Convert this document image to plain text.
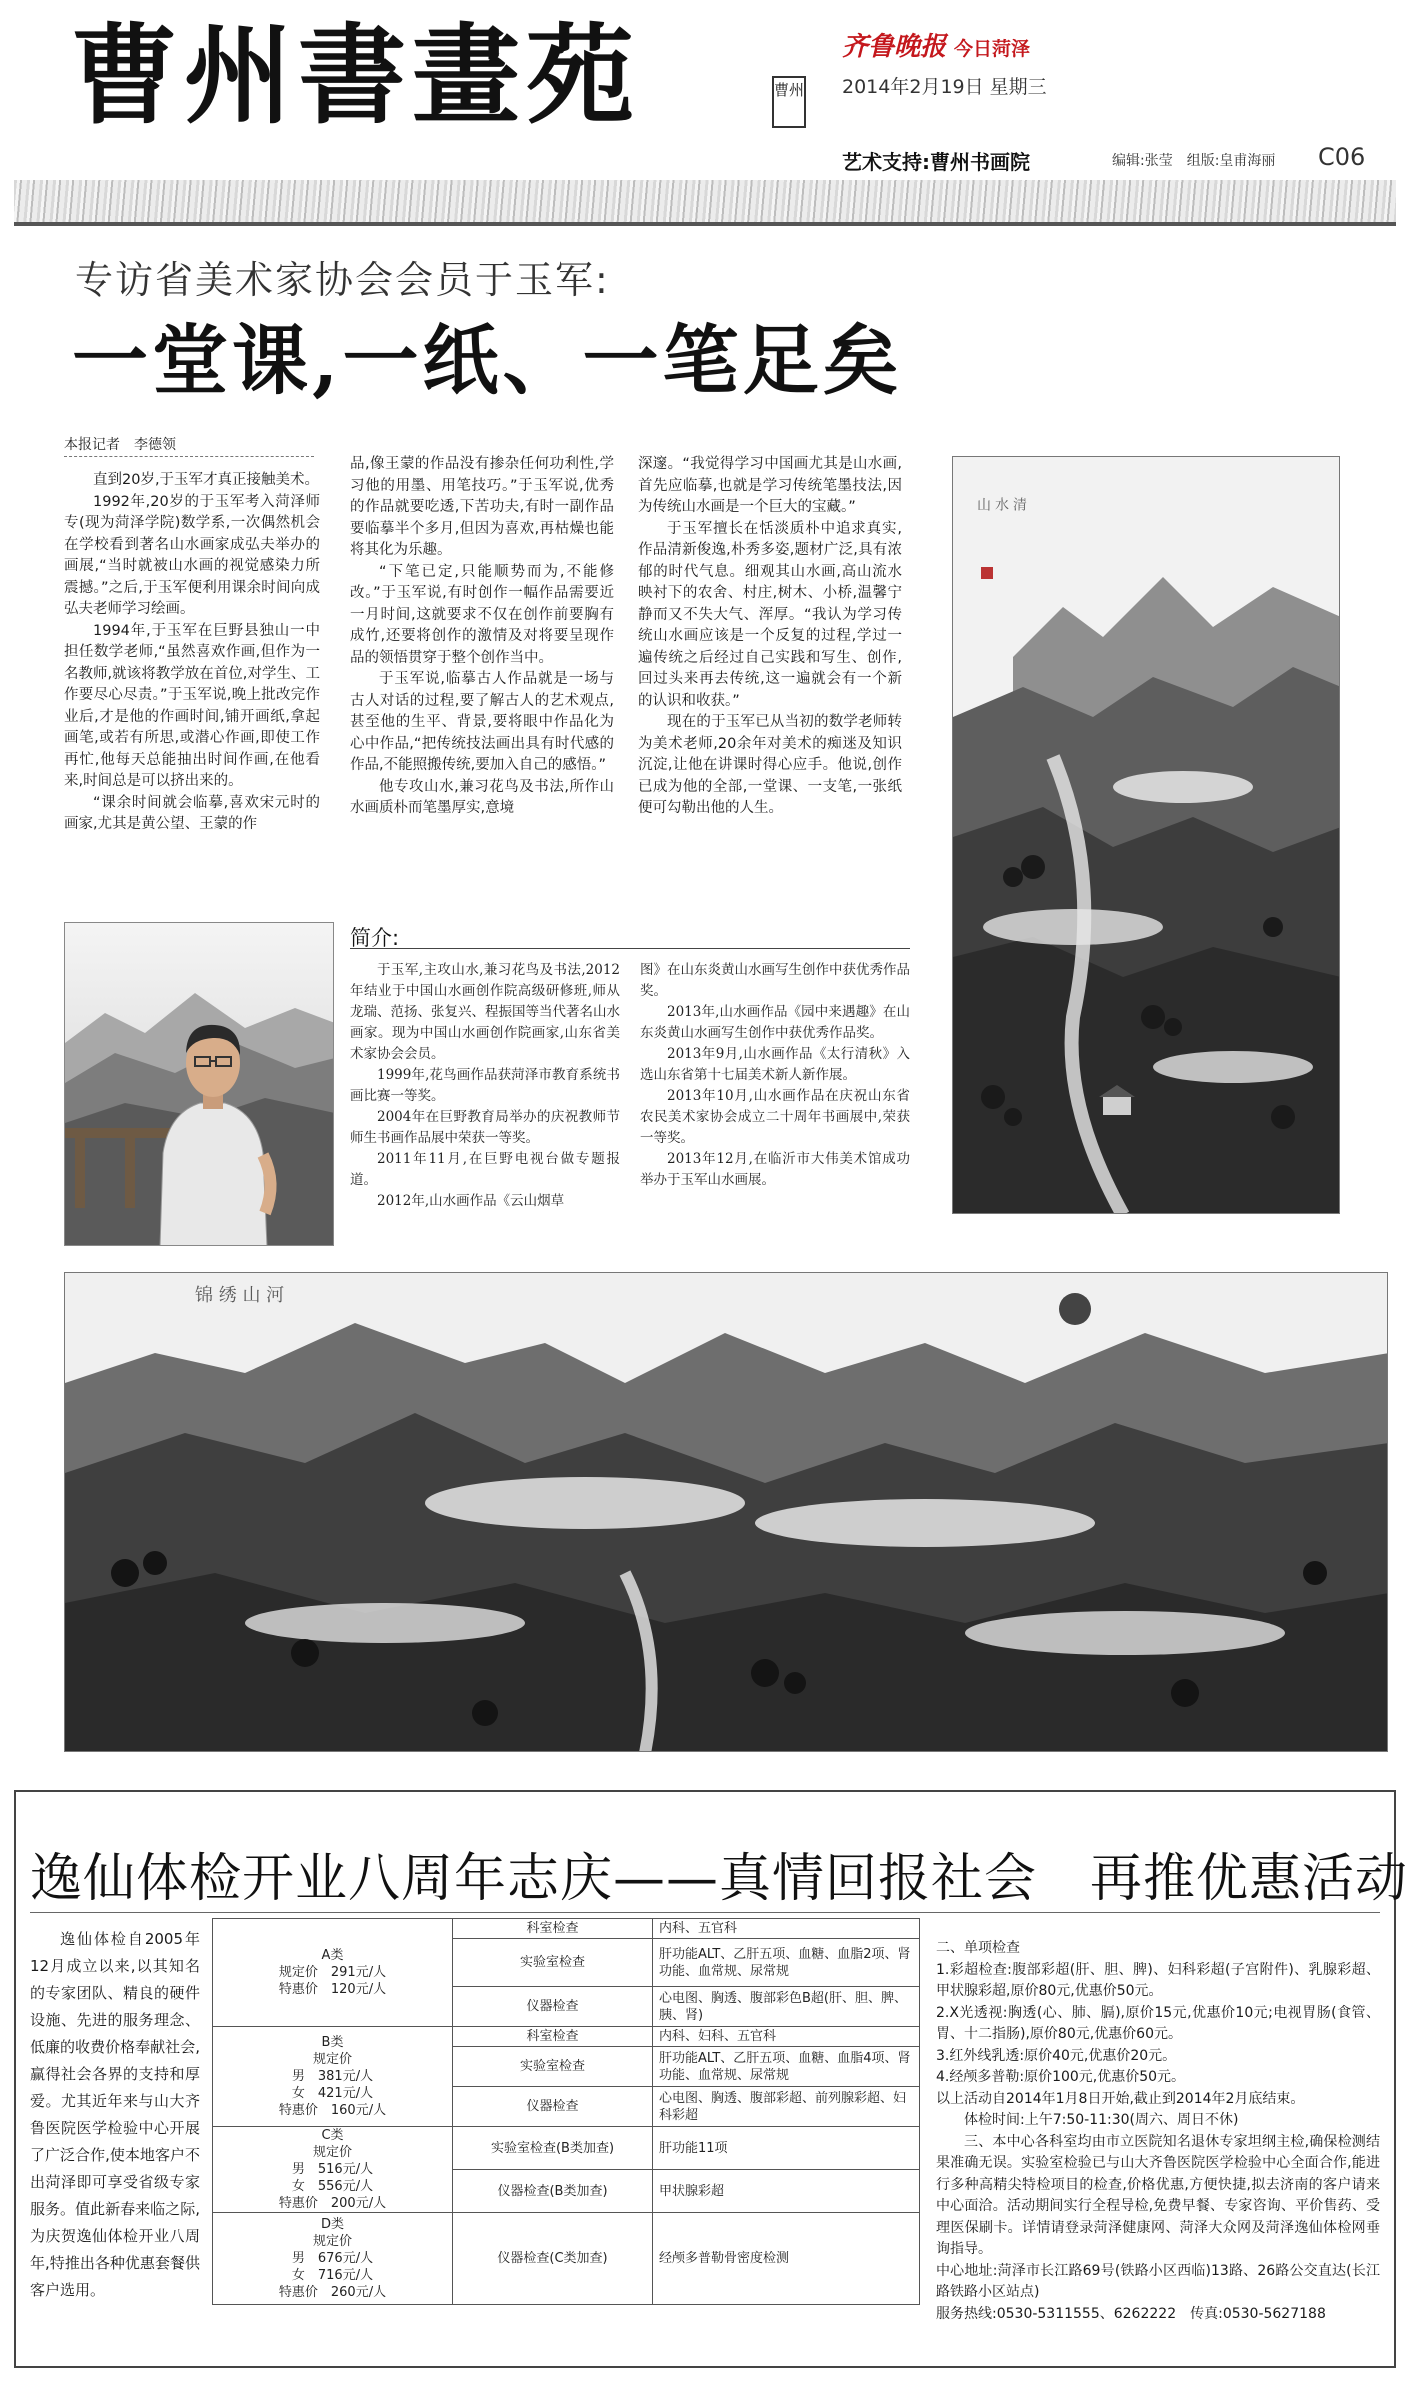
曹州書畫苑	曹州
齐鲁晚报 今日菏泽
2014年2月19日 星期三
艺术支持:曹州书画院	编辑:张莹　组版:皇甫海丽 C06
专访省美术家协会会员于玉军:
一堂课,一纸、一笔足矣
本报记者　李德领

直到20岁,于玉军才真正接触美术。

1992年,20岁的于玉军考入菏泽师专(现为菏泽学院)数学系,一次偶然机会在学校看到著名山水画家成弘夫举办的画展,“当时就被山水画的视觉感染力所震撼。”之后,于玉军便利用课余时间向成弘夫老师学习绘画。

1994年,于玉军在巨野县独山一中担任数学老师,“虽然喜欢作画,但作为一名教师,就该将教学放在首位,对学生、工作要尽心尽责。”于玉军说,晚上批改完作业后,才是他的作画时间,铺开画纸,拿起画笔,或若有所思,或潜心作画,即使工作再忙,他每天总能抽出时间作画,在他看来,时间总是可以挤出来的。

“课余时间就会临摹,喜欢宋元时的画家,尤其是黄公望、王蒙的作

品,像王蒙的作品没有掺杂任何功利性,学习他的用墨、用笔技巧。”于玉军说,优秀的作品就要吃透,下苦功夫,有时一副作品要临摹半个多月,但因为喜欢,再枯燥也能将其化为乐趣。

“下笔已定,只能顺势而为,不能修改。”于玉军说,有时创作一幅作品需要近一月时间,这就要求不仅在创作前要胸有成竹,还要将创作的激情及对将要呈现作品的领悟贯穿于整个创作当中。

于玉军说,临摹古人作品就是一场与古人对话的过程,要了解古人的艺术观点,甚至他的生平、背景,要将眼中作品化为心中作品,“把传统技法画出具有时代感的作品,不能照搬传统,要加入自己的感悟。”

他专攻山水,兼习花鸟及书法,所作山水画质朴而笔墨厚实,意境

深邃。“我觉得学习中国画尤其是山水画,首先应临摹,也就是学习传统笔墨技法,因为传统山水画是一个巨大的宝藏。”

于玉军擅长在恬淡质朴中追求真实,作品清新俊逸,朴秀多姿,题材广泛,具有浓郁的时代气息。细观其山水画,高山流水映衬下的农舍、村庄,树木、小桥,温馨宁静而又不失大气、浑厚。“我认为学习传统山水画应该是一个反复的过程,学过一遍传统之后经过自己实践和写生、创作,回过头来再去传统,这一遍就会有一个新的认识和收获。”

现在的于玉军已从当初的数学老师转为美术老师,20余年对美术的痴迷及知识沉淀,让他在讲课时得心应手。他说,创作已成为他的全部,一堂课、一支笔,一张纸便可勾勒出他的人生。

简介:

于玉军,主攻山水,兼习花鸟及书法,2012年结业于中国山水画创作院高级研修班,师从龙瑞、范扬、张复兴、程振国等当代著名山水画家。现为中国山水画创作院画家,山东省美术家协会会员。

1999年,花鸟画作品获菏泽市教育系统书画比赛一等奖。

2004年在巨野教育局举办的庆祝教师节师生书画作品展中荣获一等奖。

2011年11月,在巨野电视台做专题报道。

2012年,山水画作品《云山烟草

图》在山东炎黄山水画写生创作中获优秀作品奖。

2013年,山水画作品《园中来遇趣》在山东炎黄山水画写生创作中获优秀作品奖。

2013年9月,山水画作品《太行清秋》入选山东省第十七届美术新人新作展。

2013年10月,山水画作品在庆祝山东省农民美术家协会成立二十周年书画展中,荣获一等奖。

2013年12月,在临沂市大伟美术馆成功举办于玉军山水画展。

山 水 清
锦 绣 山 河
逸仙体检开业八周年志庆——真情回报社会　再推优惠活动

逸仙体检自2005年12月成立以来,以其知名的专家团队、精良的硬件设施、先进的服务理念、低廉的收费价格奉献社会,赢得社会各界的支持和厚爱。尤其近年来与山大齐鲁医院医学检验中心开展了广泛合作,使本地客户不出菏泽即可享受省级专家服务。值此新春来临之际,为庆贺逸仙体检开业八周年,特推出各种优惠套餐供客户选用。

A类
规定价　291元/人
特惠价　120元/人	科室检查	内科、五官科
	实验室检查	肝功能ALT、乙肝五项、血糖、血脂2项、肾功能、血常规、尿常规
	仪器检查	心电图、胸透、腹部彩色B超(肝、胆、脾、胰、肾)

B类
规定价
男　381元/人
女　421元/人
特惠价　160元/人	科室检查	内科、妇科、五官科
	实验室检查	肝功能ALT、乙肝五项、血糖、血脂4项、肾功能、血常规、尿常规
	仪器检查	心电图、胸透、腹部彩超、前列腺彩超、妇科彩超

C类
规定价
男　516元/人
女　556元/人
特惠价　200元/人	实验室检查(B类加查)	肝功能11项
	仪器检查(B类加查)	甲状腺彩超

D类
规定价
男　676元/人
女　716元/人
特惠价　260元/人	仪器检查(C类加查)	经颅多普勒骨密度检测

二、单项检查

1.彩超检查:腹部彩超(肝、胆、脾)、妇科彩超(子宫附件)、乳腺彩超、甲状腺彩超,原价80元,优惠价50元。

2.X光透视:胸透(心、肺、膈),原价15元,优惠价10元;电视胃肠(食管、胃、十二指肠),原价80元,优惠价60元。

3.红外线乳透:原价40元,优惠价20元。

4.经颅多普勒:原价100元,优惠价50元。

以上活动自2014年1月8日开始,截止到2014年2月底结束。

体检时间:上午7:50-11:30(周六、周日不休)

三、本中心各科室均由市立医院知名退休专家坦纲主检,确保检测结果准确无误。实验室检验已与山大齐鲁医院医学检验中心全面合作,能进行多种高精尖特检项目的检查,价格优惠,方便快捷,拟去济南的客户请来中心面洽。活动期间实行全程导检,免费早餐、专家咨询、平价售药、受理医保刷卡。详情请登录菏泽健康网、菏泽大众网及菏泽逸仙体检网垂询指导。

中心地址:菏泽市长江路69号(铁路小区西临)13路、26路公交直达(长江路铁路小区站点)

服务热线:0530-5311555、6262222　传真:0530-5627188
